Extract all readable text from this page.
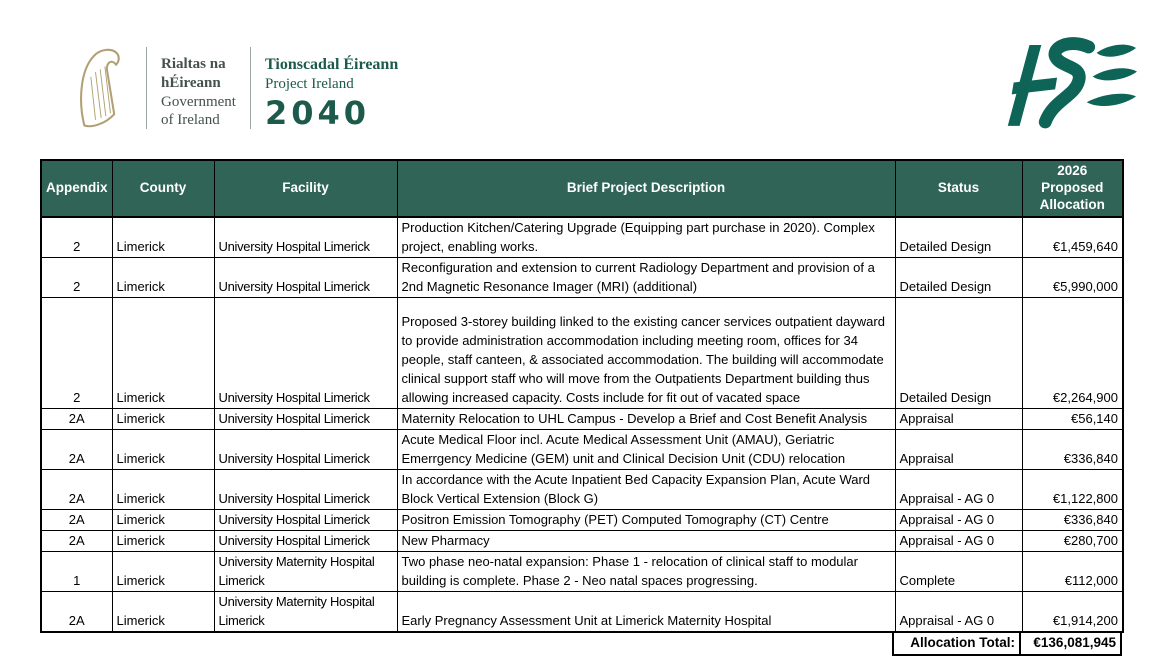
Rialtas na
hÉireann
Government
of Ireland
Tionscadal Éireann
Project Ireland
2040
Appendix	County	Facility	Brief Project Description	Status	2026 Proposed Allocation
2	Limerick	University Hospital Limerick	Production Kitchen/Catering Upgrade (Equipping part purchase in 2020). Complex project, enabling works.	Detailed Design	€1,459,640
2	Limerick	University Hospital Limerick	Reconfiguration and extension to current Radiology Department and provision of a 2nd Magnetic Resonance Imager (MRI) (additional)	Detailed Design	€5,990,000
2	Limerick	University Hospital Limerick	Proposed 3-storey building linked to the existing cancer services outpatient dayward to provide administration accommodation including meeting room, offices for 34 people, staff canteen, & associated accommodation. The building will accommodate clinical support staff who will move from the Outpatients Department building thus allowing increased capacity. Costs include for fit out of vacated space	Detailed Design	€2,264,900
2A	Limerick	University Hospital Limerick	Maternity Relocation to UHL Campus - Develop a Brief and Cost Benefit Analysis	Appraisal	€56,140
2A	Limerick	University Hospital Limerick	Acute Medical Floor incl. Acute Medical Assessment Unit (AMAU), Geriatric Emerrgency Medicine (GEM) unit and Clinical Decision Unit (CDU) relocation	Appraisal	€336,840
2A	Limerick	University Hospital Limerick	In accordance with the Acute Inpatient Bed Capacity Expansion Plan, Acute Ward Block Vertical Extension (Block G)	Appraisal - AG 0	€1,122,800
2A	Limerick	University Hospital Limerick	Positron Emission Tomography (PET) Computed Tomography (CT) Centre	Appraisal - AG 0	€336,840
2A	Limerick	University Hospital Limerick	New Pharmacy	Appraisal - AG 0	€280,700
1	Limerick	University Maternity Hospital Limerick	Two phase neo-natal expansion: Phase 1 - relocation of clinical staff to modular building is complete. Phase 2 - Neo natal spaces progressing.	Complete	€112,000
2A	Limerick	University Maternity Hospital Limerick	Early Pregnancy Assessment Unit at Limerick Maternity Hospital	Appraisal - AG 0	€1,914,200
Allocation Total:	€136,081,945
